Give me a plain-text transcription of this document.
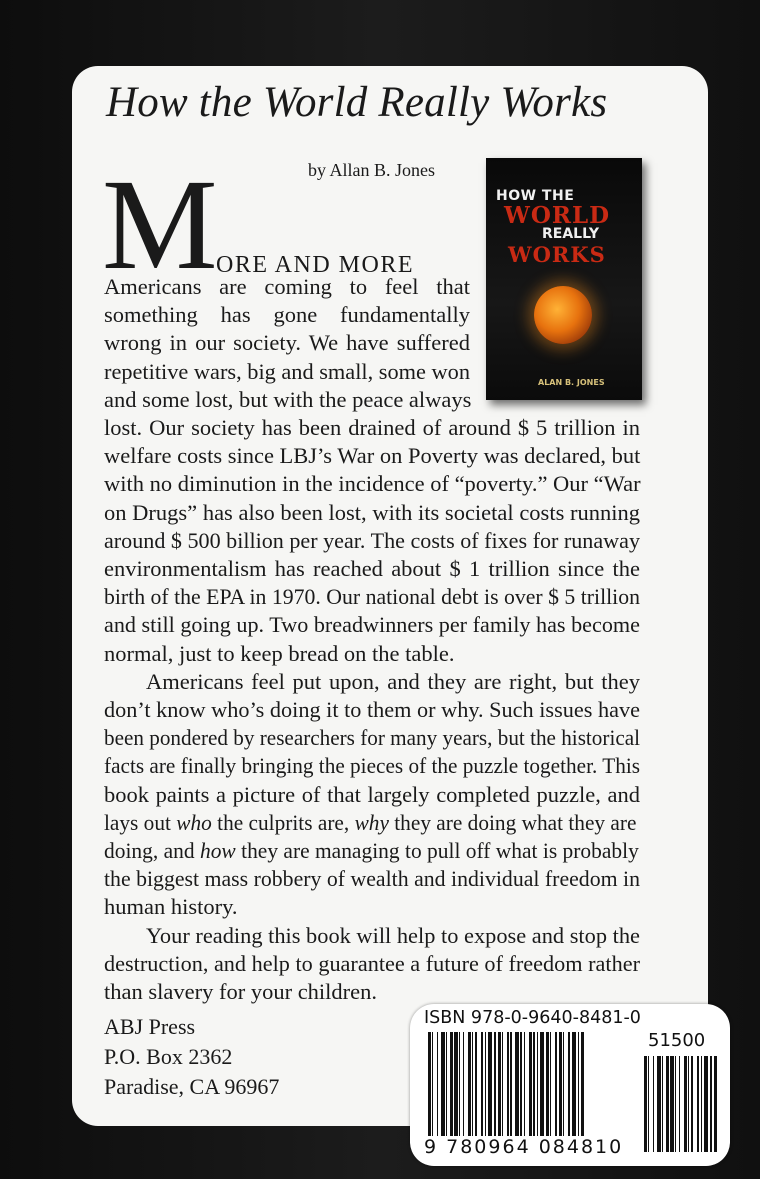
How the World Really Works
by Allan B. Jones
HOW THE
WORLD
REALLY
WORKS
ALAN B. JONES
M
ORE AND MORE
Americans are coming to feel that
something has gone fundamentally
wrong in our society. We have suffered
repetitive wars, big and small, some won
and some lost, but with the peace always
lost. Our society has been drained of around $ 5 trillion in
welfare costs since LBJ’s War on Poverty was declared, but
with no diminution in the incidence of “poverty.” Our “War
on Drugs” has also been lost, with its societal costs running
around $ 500 billion per year. The costs of fixes for runaway
environmentalism has reached about $ 1 trillion since the
birth of the EPA in 1970. Our national debt is over $ 5 trillion
and still going up. Two breadwinners per family has become
normal, just to keep bread on the table.
Americans feel put upon, and they are right, but they
don’t know who’s doing it to them or why. Such issues have
been pondered by researchers for many years, but the historical
facts are finally bringing the pieces of the puzzle together. This
book paints a picture of that largely completed puzzle, and
lays out who the culprits are, why they are doing what they are
doing, and how they are managing to pull off what is probably
the biggest mass robbery of wealth and individual freedom in
human history.
Your reading this book will help to expose and stop the
destruction, and help to guarantee a future of freedom rather
than slavery for your children.
ABJ Press
P.O. Box 2362
Paradise, CA 96967
ISBN 978-0-9640-8481-0
51500
9 780964 084810
